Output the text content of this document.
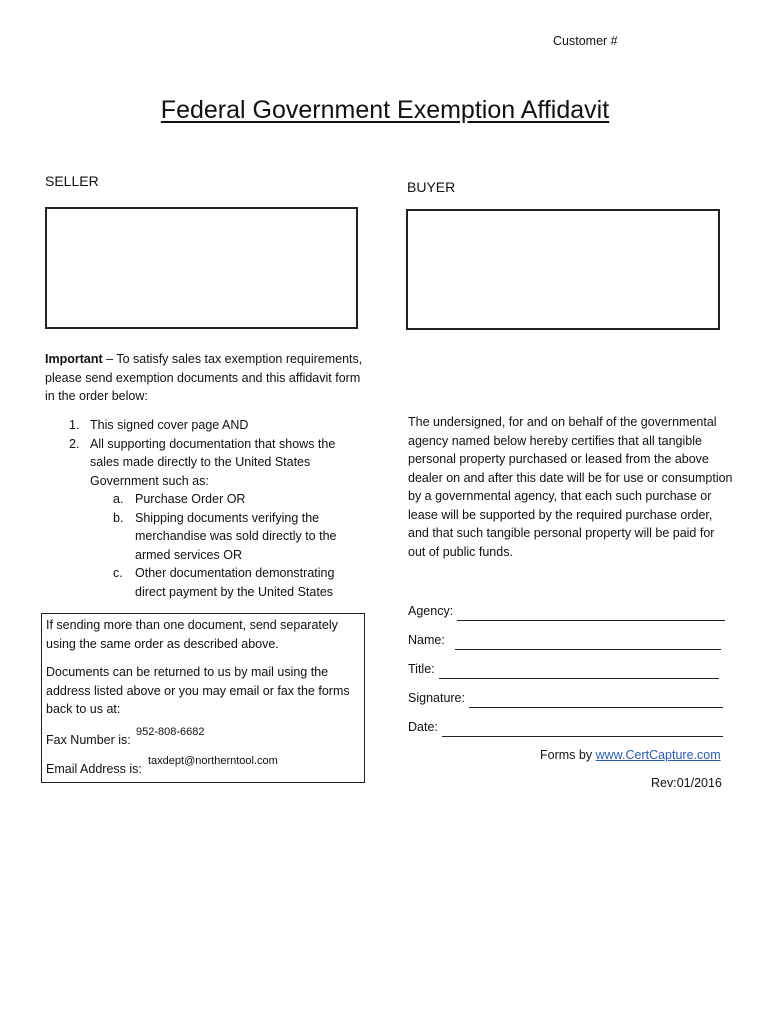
Customer #
Federal Government Exemption Affidavit
SELLER	BUYER
Important – To satisfy sales tax exemption requirements, please send exemption documents and this affidavit form in the order below:
1. This signed cover page AND
2. All supporting documentation that shows the sales made directly to the United States Government such as:
a. Purchase Order OR
b. Shipping documents verifying the merchandise was sold directly to the armed services OR
c. Other documentation demonstrating direct payment by the United States
The undersigned, for and on behalf of the governmental agency named below hereby certifies that all tangible personal property purchased or leased from the above dealer on and after this date will be for use or consumption by a governmental agency, that each such purchase or lease will be supported by the required purchase order, and that such tangible personal property will be paid for out of public funds.
If sending more than one document, send separately using the same order as described above.
Documents can be returned to us by mail using the address listed above or you may email or fax the forms back to us at:
Fax Number is:
952-808-6682
Email Address is:
taxdept@northerntool.com
Agency:
Name:
Title:
Signature:
Date:
Forms by www.CertCapture.com
Rev:01/2016
